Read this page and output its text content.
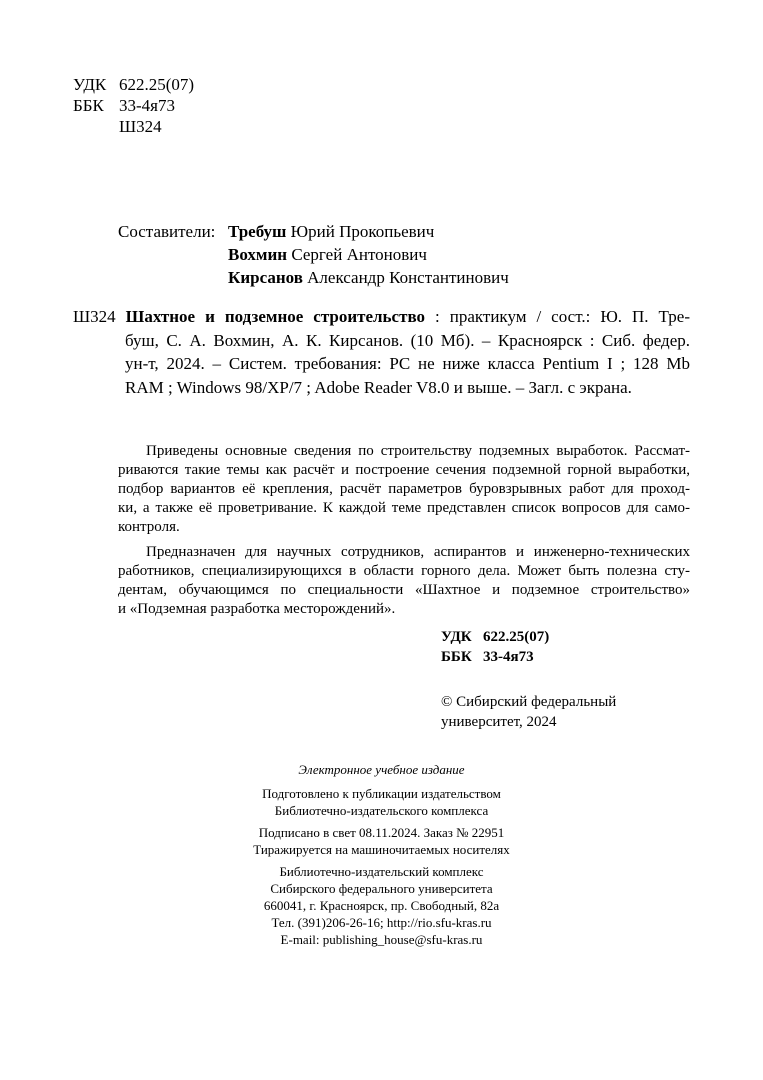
УДК 622.25(07)
ББК 33-4я73
Ш324
Составители: Требуш Юрий Прокопьевич
Вохмин Сергей Антонович
Кирсанов Александр Константинович
Ш324 Шахтное и подземное строительство : практикум / сост.: Ю. П. Тре-
буш, С. А. Вохмин, А. К. Кирсанов. (10 Мб). – Красноярск : Сиб. федер.
ун-т, 2024. – Систем. требования: PC не ниже класса Pentium I ; 128 Mb
RAM ; Windows 98/XP/7 ; Adobe Reader V8.0 и выше. – Загл. с экрана.
Приведены основные сведения по строительству подземных выработок. Рассмат-
риваются такие темы как расчёт и построение сечения подземной горной выработки,
подбор вариантов её крепления, расчёт параметров буровзрывных работ для проход-
ки, а также её проветривание. К каждой теме представлен список вопросов для само-
контроля.
Предназначен для научных сотрудников, аспирантов и инженерно-технических
работников, специализирующихся в области горного дела. Может быть полезна сту-
дентам, обучающимся по специальности «Шахтное и подземное строительство»
и «Подземная разработка месторождений».
УДК 622.25(07)
ББК 33-4я73
© Сибирский федеральный
университет, 2024
Электронное учебное издание
Подготовлено к публикации издательством
Библиотечно-издательского комплекса
Подписано в свет 08.11.2024. Заказ № 22951
Тиражируется на машиночитаемых носителях
Библиотечно-издательский комплекс
Сибирского федерального университета
660041, г. Красноярск, пр. Свободный, 82а
Тел. (391)206-26-16; http://rio.sfu-kras.ru
E-mail: publishing_house@sfu-kras.ru
